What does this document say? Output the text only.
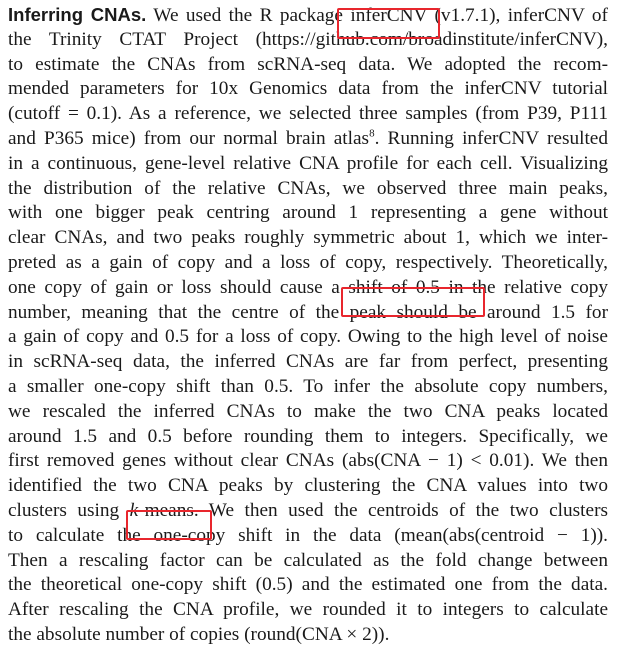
Inferring CNAs. We used the R package inferCNV (v1.7.1), inferCNV of
the Trinity CTAT Project (https://github.com/broadinstitute/inferCNV),
to estimate the CNAs from scRNA-seq data. We adopted the recom-
mended parameters for 10x Genomics data from the inferCNV tutorial
(cutoff = 0.1). As a reference, we selected three samples (from P39, P111
and P365 mice) from our normal brain atlas$^8$. Running inferCNV resulted
in a continuous, gene-level relative CNA profile for each cell. Visualizing
the distribution of the relative CNAs, we observed three main peaks,
with one bigger peak centring around 1 representing a gene without
clear CNAs, and two peaks roughly symmetric about 1, which we inter-
preted as a gain of copy and a loss of copy, respectively. Theoretically,
one copy of gain or loss should cause a shift of 0.5 in the relative copy
number, meaning that the centre of the peak should be around 1.5 for
a gain of copy and 0.5 for a loss of copy. Owing to the high level of noise
in scRNA-seq data, the inferred CNAs are far from perfect, presenting
a smaller one-copy shift than 0.5. To infer the absolute copy numbers,
we rescaled the inferred CNAs to make the two CNA peaks located
around 1.5 and 0.5 before rounding them to integers. Specifically, we
first removed genes without clear CNAs (abs(CNA − 1) < 0.01). We then
identified the two CNA peaks by clustering the CNA values into two
clusters using k-means. We then used the centroids of the two clusters
to calculate the one-copy shift in the data (mean(abs(centroid − 1)).
Then a rescaling factor can be calculated as the fold change between
the theoretical one-copy shift (0.5) and the estimated one from the data.
After rescaling the CNA profile, we rounded it to integers to calculate
the absolute number of copies (round(CNA × 2)).
